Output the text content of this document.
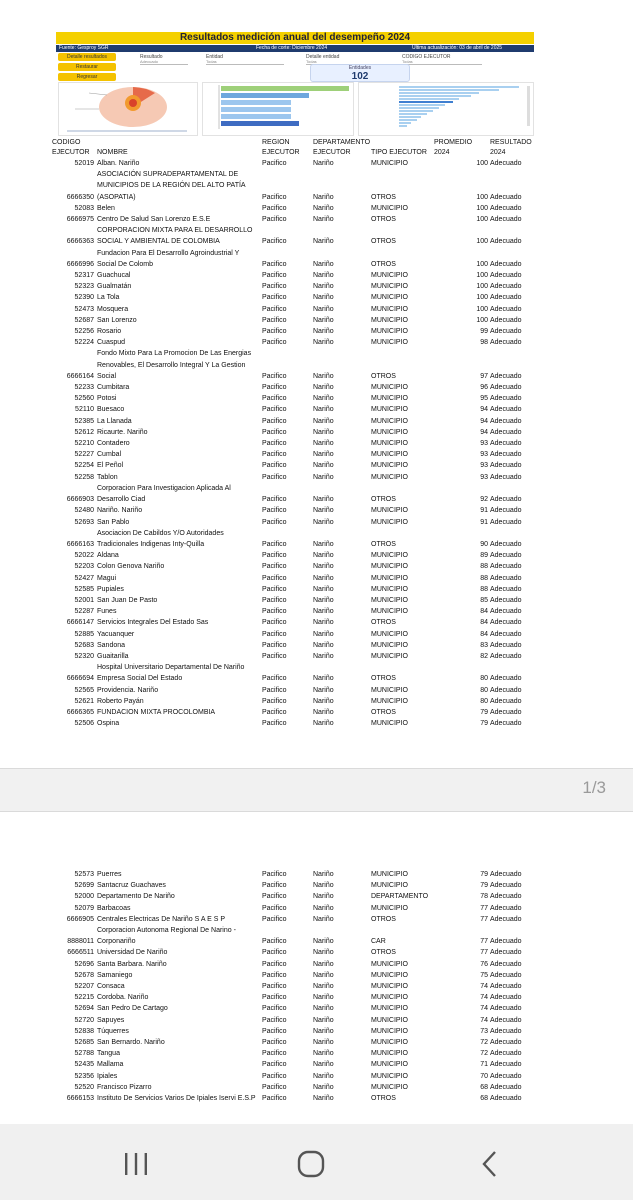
Resultados medición anual del desempeño 2024
Fuente: Gesproy SGR	Fecha de corte: Diciembre 2024	Última actualización: 03 de abril de 2025
Detalle resultados
Restaurar
Regresar
Resultado
Adecuado
Entidad
Todas
Detalle entidad
Todas
CODIGO EJECUTOR
Todas
Entidades
102
CODIGO		REGION	DEPARTAMENTO		PROMEDIO	RESULTADO
EJECUTOR	NOMBRE	EJECUTOR	EJECUTOR	TIPO EJECUTOR	2024	2024
52019	Alban. Nariño	Pacifico	Nariño	MUNICIPIO	100	Adecuado
6666350	ASOCIACIÓN SUPRADEPARTAMENTAL DE MUNICIPIOS DE LA REGIÓN DEL ALTO PATÍA (ASOPATIA)	Pacifico	Nariño	OTROS	100	Adecuado
52083	Belen	Pacifico	Nariño	MUNICIPIO	100	Adecuado
6666975	Centro De Salud San Lorenzo E.S.E	Pacifico	Nariño	OTROS	100	Adecuado
6666363	CORPORACION MIXTA PARA EL DESARROLLO SOCIAL Y AMBIENTAL DE COLOMBIA	Pacifico	Nariño	OTROS	100	Adecuado
6666996	Fundacion Para El Desarrollo Agroindustrial Y Social De Colomb	Pacifico	Nariño	OTROS	100	Adecuado
52317	Guachucal	Pacifico	Nariño	MUNICIPIO	100	Adecuado
52323	Gualmatán	Pacifico	Nariño	MUNICIPIO	100	Adecuado
52390	La Tola	Pacifico	Nariño	MUNICIPIO	100	Adecuado
52473	Mosquera	Pacifico	Nariño	MUNICIPIO	100	Adecuado
52687	San Lorenzo	Pacifico	Nariño	MUNICIPIO	100	Adecuado
52256	Rosario	Pacifico	Nariño	MUNICIPIO	99	Adecuado
52224	Cuaspud	Pacifico	Nariño	MUNICIPIO	98	Adecuado
6666164	Fondo Mixto Para La Promocion De Las Energias Renovables, El Desarrollo Integral Y La Gestion Social	Pacifico	Nariño	OTROS	97	Adecuado
52233	Cumbitara	Pacifico	Nariño	MUNICIPIO	96	Adecuado
52560	Potosi	Pacifico	Nariño	MUNICIPIO	95	Adecuado
52110	Buesaco	Pacifico	Nariño	MUNICIPIO	94	Adecuado
52385	La Llanada	Pacifico	Nariño	MUNICIPIO	94	Adecuado
52612	Ricaurte. Nariño	Pacifico	Nariño	MUNICIPIO	94	Adecuado
52210	Contadero	Pacifico	Nariño	MUNICIPIO	93	Adecuado
52227	Cumbal	Pacifico	Nariño	MUNICIPIO	93	Adecuado
52254	El Peñol	Pacifico	Nariño	MUNICIPIO	93	Adecuado
52258	Tablon	Pacifico	Nariño	MUNICIPIO	93	Adecuado
6666903	Corporacion Para Investigacion Aplicada Al Desarrollo Ciad	Pacifico	Nariño	OTROS	92	Adecuado
52480	Nariño. Nariño	Pacifico	Nariño	MUNICIPIO	91	Adecuado
52693	San Pablo	Pacifico	Nariño	MUNICIPIO	91	Adecuado
6666163	Asociacion De Cabildos Y/O Autoridades Tradicionales Indigenas Inty-Quilla	Pacifico	Nariño	OTROS	90	Adecuado
52022	Aldana	Pacifico	Nariño	MUNICIPIO	89	Adecuado
52203	Colon Genova Nariño	Pacifico	Nariño	MUNICIPIO	88	Adecuado
52427	Magui	Pacifico	Nariño	MUNICIPIO	88	Adecuado
52585	Pupiales	Pacifico	Nariño	MUNICIPIO	88	Adecuado
52001	San Juan De Pasto	Pacifico	Nariño	MUNICIPIO	85	Adecuado
52287	Funes	Pacifico	Nariño	MUNICIPIO	84	Adecuado
6666147	Servicios Integrales Del Estado Sas	Pacifico	Nariño	OTROS	84	Adecuado
52885	Yacuanquer	Pacifico	Nariño	MUNICIPIO	84	Adecuado
52683	Sandona	Pacifico	Nariño	MUNICIPIO	83	Adecuado
52320	Guaitarilla	Pacifico	Nariño	MUNICIPIO	82	Adecuado
6666694	Hospital Universitario Departamental De Nariño Empresa Social Del Estado	Pacifico	Nariño	OTROS	80	Adecuado
52565	Providencia. Nariño	Pacifico	Nariño	MUNICIPIO	80	Adecuado
52621	Roberto Payán	Pacifico	Nariño	MUNICIPIO	80	Adecuado
6666365	FUNDACION MIXTA PROCOLOMBIA	Pacifico	Nariño	OTROS	79	Adecuado
52506	Ospina	Pacifico	Nariño	MUNICIPIO	79	Adecuado
1/3
52573	Puerres	Pacifico	Nariño	MUNICIPIO	79	Adecuado
52699	Santacruz Guachaves	Pacifico	Nariño	MUNICIPIO	79	Adecuado
52000	Departamento De Nariño	Pacifico	Nariño	DEPARTAMENTO	78	Adecuado
52079	Barbacoas	Pacifico	Nariño	MUNICIPIO	77	Adecuado
6666905	Centrales Electricas De Nariño S A E S P	Pacifico	Nariño	OTROS	77	Adecuado
8888011	Corporacion Autonoma Regional De Narino - Corponariño	Pacifico	Nariño	CAR	77	Adecuado
6666511	Universidad De Nariño	Pacifico	Nariño	OTROS	77	Adecuado
52696	Santa Barbara. Nariño	Pacifico	Nariño	MUNICIPIO	76	Adecuado
52678	Samaniego	Pacifico	Nariño	MUNICIPIO	75	Adecuado
52207	Consaca	Pacifico	Nariño	MUNICIPIO	74	Adecuado
52215	Cordoba. Nariño	Pacifico	Nariño	MUNICIPIO	74	Adecuado
52694	San Pedro De Cartago	Pacifico	Nariño	MUNICIPIO	74	Adecuado
52720	Sapuyes	Pacifico	Nariño	MUNICIPIO	74	Adecuado
52838	Túquerres	Pacifico	Nariño	MUNICIPIO	73	Adecuado
52685	San Bernardo. Nariño	Pacifico	Nariño	MUNICIPIO	72	Adecuado
52788	Tangua	Pacifico	Nariño	MUNICIPIO	72	Adecuado
52435	Mallama	Pacifico	Nariño	MUNICIPIO	71	Adecuado
52356	Ipiales	Pacifico	Nariño	MUNICIPIO	70	Adecuado
52520	Francisco Pizarro	Pacifico	Nariño	MUNICIPIO	68	Adecuado
6666153	Instituto De Servicios Varios De Ipiales Iservi E.S.P	Pacifico	Nariño	OTROS	68	Adecuado
